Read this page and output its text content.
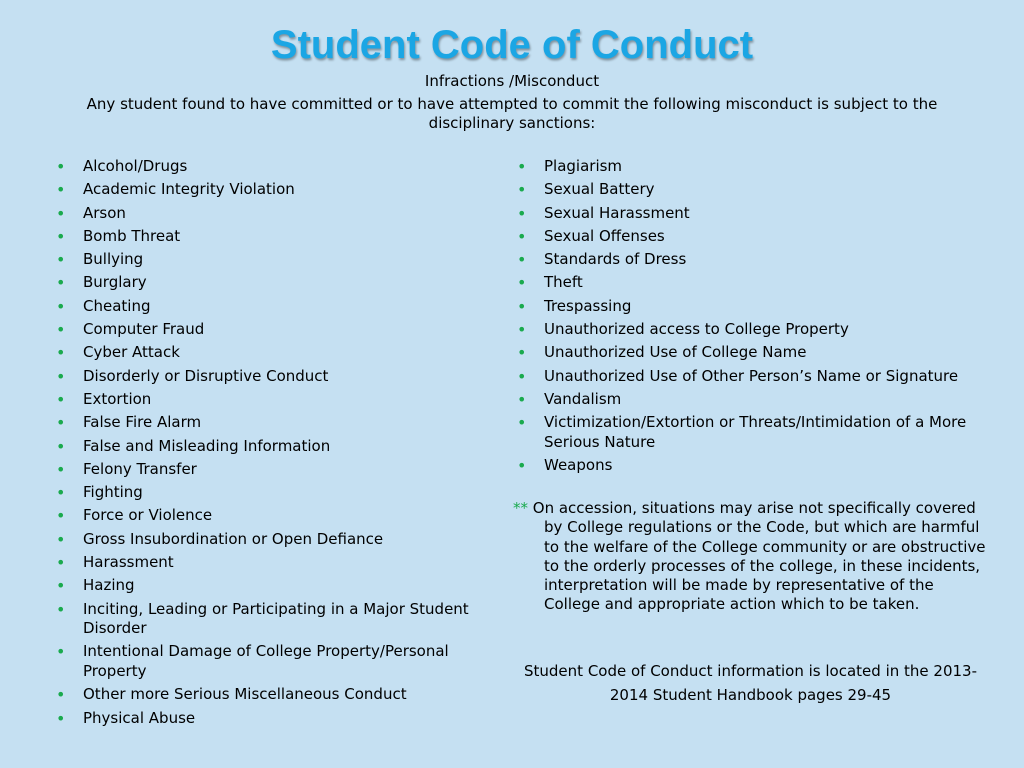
Student Code of Conduct
Infractions /Misconduct
Any student found to have committed or to have attempted to commit the following misconduct is subject to the disciplinary sanctions:
• Alcohol/Drugs
• Academic Integrity Violation
• Arson
• Bomb Threat
• Bullying
• Burglary
• Cheating
• Computer Fraud
• Cyber Attack
• Disorderly or Disruptive Conduct
• Extortion
• False Fire Alarm
• False and Misleading Information
• Felony Transfer
• Fighting
• Force or Violence
• Gross Insubordination or Open Defiance
• Harassment
• Hazing
• Inciting, Leading or Participating in a Major Student Disorder
• Intentional Damage of College Property/Personal Property
• Other more Serious Miscellaneous Conduct
• Physical Abuse
• Plagiarism
• Sexual Battery
• Sexual Harassment
• Sexual Offenses
• Standards of Dress
• Theft
• Trespassing
• Unauthorized access to College Property
• Unauthorized Use of College Name
• Unauthorized Use of Other Person’s Name or Signature
• Vandalism
• Victimization/Extortion or Threats/Intimidation of a More Serious Nature
• Weapons
** On accession, situations may arise not specifically covered by College regulations or the Code, but which are harmful to the welfare of the College community or are obstructive to the orderly processes of the college, in these incidents, interpretation will be made by representative of the College and appropriate action which to be taken.
Student Code of Conduct information is located in the 2013-2014 Student Handbook pages 29-45
